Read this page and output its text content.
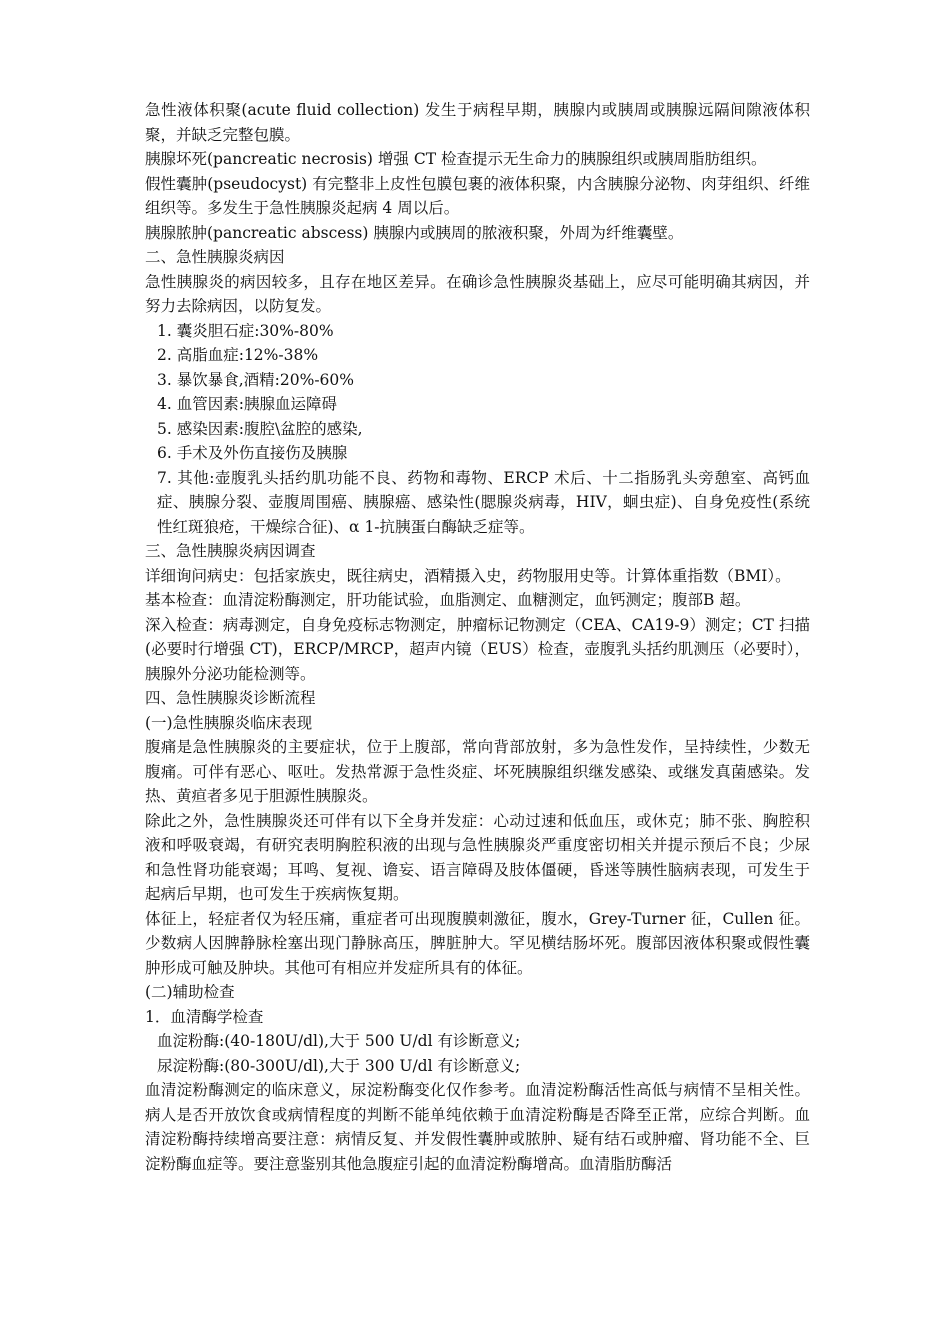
急性液体积聚(acute fluid collection) 发生于病程早期，胰腺内或胰周或胰腺远隔间隙液体积聚，并缺乏完整包膜。

胰腺坏死(pancreatic necrosis) 增强 CT 检查提示无生命力的胰腺组织或胰周脂肪组织。

假性囊肿(pseudocyst) 有完整非上皮性包膜包裹的液体积聚，内含胰腺分泌物、肉芽组织、纤维组织等。多发生于急性胰腺炎起病 4 周以后。

胰腺脓肿(pancreatic abscess) 胰腺内或胰周的脓液积聚，外周为纤维囊壁。

二、急性胰腺炎病因

急性胰腺炎的病因较多，且存在地区差异。在确诊急性胰腺炎基础上，应尽可能明确其病因，并努力去除病因，以防复发。

1. 囊炎胆石症:30%-80%

2. 高脂血症:12%-38%

3. 暴饮暴食,酒精:20%-60%

4. 血管因素:胰腺血运障碍

5. 感染因素:腹腔\盆腔的感染,

6. 手术及外伤直接伤及胰腺

7. 其他:壶腹乳头括约肌功能不良、药物和毒物、ERCP 术后、十二指肠乳头旁憩室、高钙血症、胰腺分裂、壶腹周围癌、胰腺癌、感染性(腮腺炎病毒，HIV，蛔虫症)、自身免疫性(系统性红斑狼疮，干燥综合征)、α 1-抗胰蛋白酶缺乏症等。

三、急性胰腺炎病因调查

详细询问病史：包括家族史，既往病史，酒精摄入史，药物服用史等。计算体重指数（BMI）。

基本检查：血清淀粉酶测定，肝功能试验，血脂测定、血糖测定，血钙测定；腹部B 超。

深入检查：病毒测定，自身免疫标志物测定，肿瘤标记物测定（CEA、CA19-9）测定；CT 扫描(必要时行增强 CT)，ERCP/MRCP，超声内镜（EUS）检查，壶腹乳头括约肌测压（必要时），胰腺外分泌功能检测等。

四、急性胰腺炎诊断流程

(一)急性胰腺炎临床表现

腹痛是急性胰腺炎的主要症状，位于上腹部，常向背部放射，多为急性发作，呈持续性，少数无腹痛。可伴有恶心、呕吐。发热常源于急性炎症、坏死胰腺组织继发感染、或继发真菌感染。发热、黄疸者多见于胆源性胰腺炎。

除此之外，急性胰腺炎还可伴有以下全身并发症：心动过速和低血压，或休克；肺不张、胸腔积液和呼吸衰竭，有研究表明胸腔积液的出现与急性胰腺炎严重度密切相关并提示预后不良；少尿和急性肾功能衰竭；耳鸣、复视、谵妄、语言障碍及肢体僵硬，昏迷等胰性脑病表现，可发生于起病后早期，也可发生于疾病恢复期。

体征上，轻症者仅为轻压痛，重症者可出现腹膜刺激征，腹水，Grey-Turner 征，Cullen 征。少数病人因脾静脉栓塞出现门静脉高压，脾脏肿大。罕见横结肠坏死。腹部因液体积聚或假性囊肿形成可触及肿块。其他可有相应并发症所具有的体征。

(二)辅助检查

1．血清酶学检查

血淀粉酶:(40-180U/dl),大于 500 U/dl 有诊断意义;

尿淀粉酶:(80-300U/dl),大于 300 U/dl 有诊断意义;

血清淀粉酶测定的临床意义，尿淀粉酶变化仅作参考。血清淀粉酶活性高低与病情不呈相关性。病人是否开放饮食或病情程度的判断不能单纯依赖于血清淀粉酶是否降至正常，应综合判断。血清淀粉酶持续增高要注意：病情反复、并发假性囊肿或脓肿、疑有结石或肿瘤、肾功能不全、巨淀粉酶血症等。要注意鉴别其他急腹症引起的血清淀粉酶增高。血清脂肪酶活
